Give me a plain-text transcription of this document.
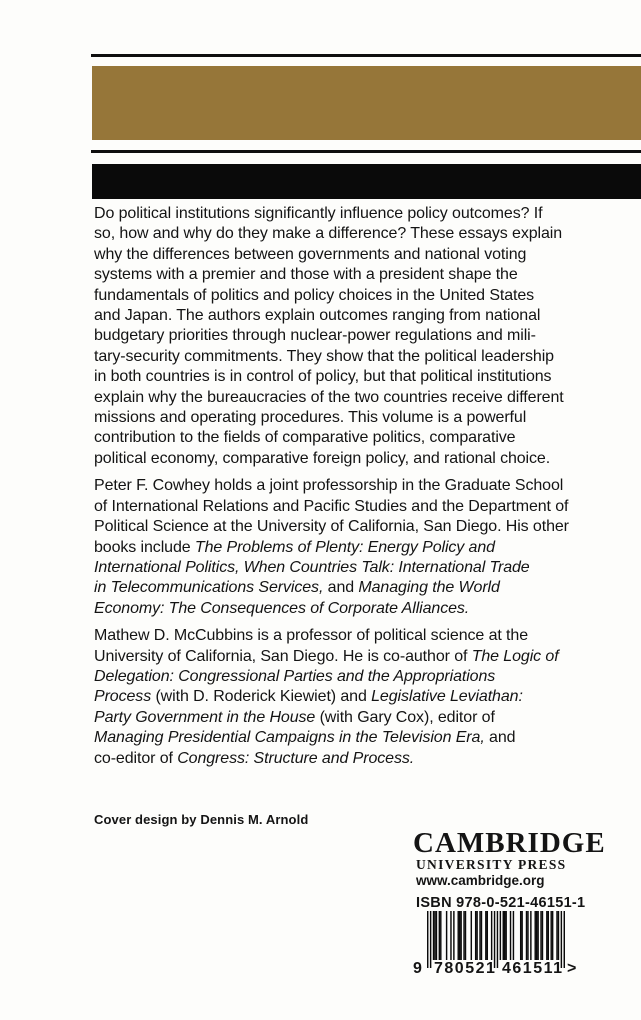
Do political institutions significantly influence policy outcomes? If
so, how and why do they make a difference? These essays explain
why the differences between governments and national voting
systems with a premier and those with a president shape the
fundamentals of politics and policy choices in the United States
and Japan. The authors explain outcomes ranging from national
budgetary priorities through nuclear-power regulations and mili-
tary-security commitments. They show that the political leadership
in both countries is in control of policy, but that political institutions
explain why the bureaucracies of the two countries receive different
missions and operating procedures. This volume is a powerful
contribution to the fields of comparative politics, comparative
political economy, comparative foreign policy, and rational choice.
Peter F. Cowhey holds a joint professorship in the Graduate School
of International Relations and Pacific Studies and the Department of
Political Science at the University of California, San Diego. His other
books include The Problems of Plenty: Energy Policy and
International Politics, When Countries Talk: International Trade
in Telecommunications Services, and Managing the World
Economy: The Consequences of Corporate Alliances.
Mathew D. McCubbins is a professor of political science at the
University of California, San Diego. He is co-author of The Logic of
Delegation: Congressional Parties and the Appropriations
Process (with D. Roderick Kiewiet) and Legislative Leviathan:
Party Government in the House (with Gary Cox), editor of
Managing Presidential Campaigns in the Television Era, and
co-editor of Congress: Structure and Process.
Cover design by Dennis M. Arnold
CAMBRIDGE
UNIVERSITY PRESS
www.cambridge.org
ISBN 978-0-521-46151-1
9 780521 461511 >
